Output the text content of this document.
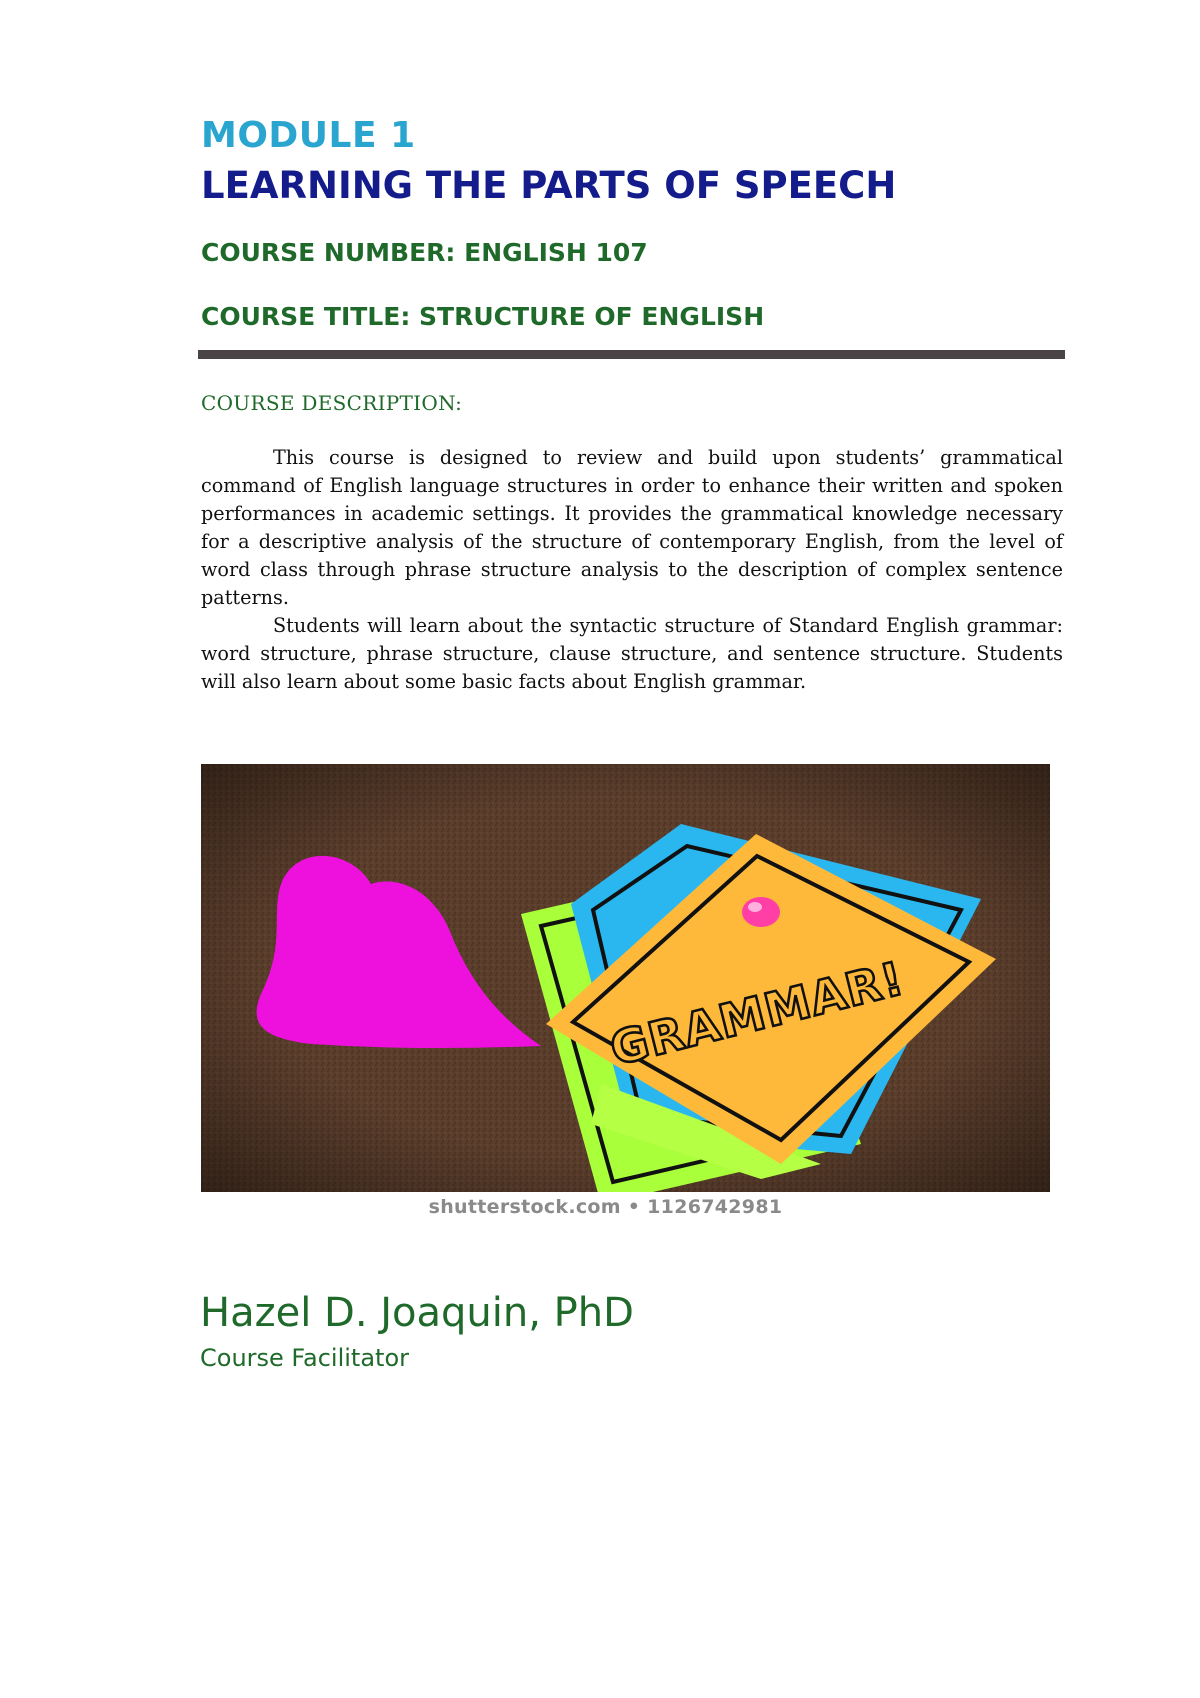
MODULE 1
LEARNING THE PARTS OF SPEECH
COURSE NUMBER: ENGLISH 107
COURSE TITLE: STRUCTURE OF ENGLISH
COURSE DESCRIPTION:

This course is designed to review and build upon students’ grammatical command of English language structures in order to enhance their written and spoken performances in academic settings. It provides the grammatical knowledge necessary for a descriptive analysis of the structure of contemporary English, from the level of word class through phrase structure analysis to the description of complex sentence patterns.

Students will learn about the syntactic structure of Standard English grammar: word structure, phrase structure, clause structure, and sentence structure. Students will also learn about some basic facts about English grammar.

GRAMMAR!
shutterstock.com • 1126742981
Hazel D. Joaquin, PhD
Course Facilitator
